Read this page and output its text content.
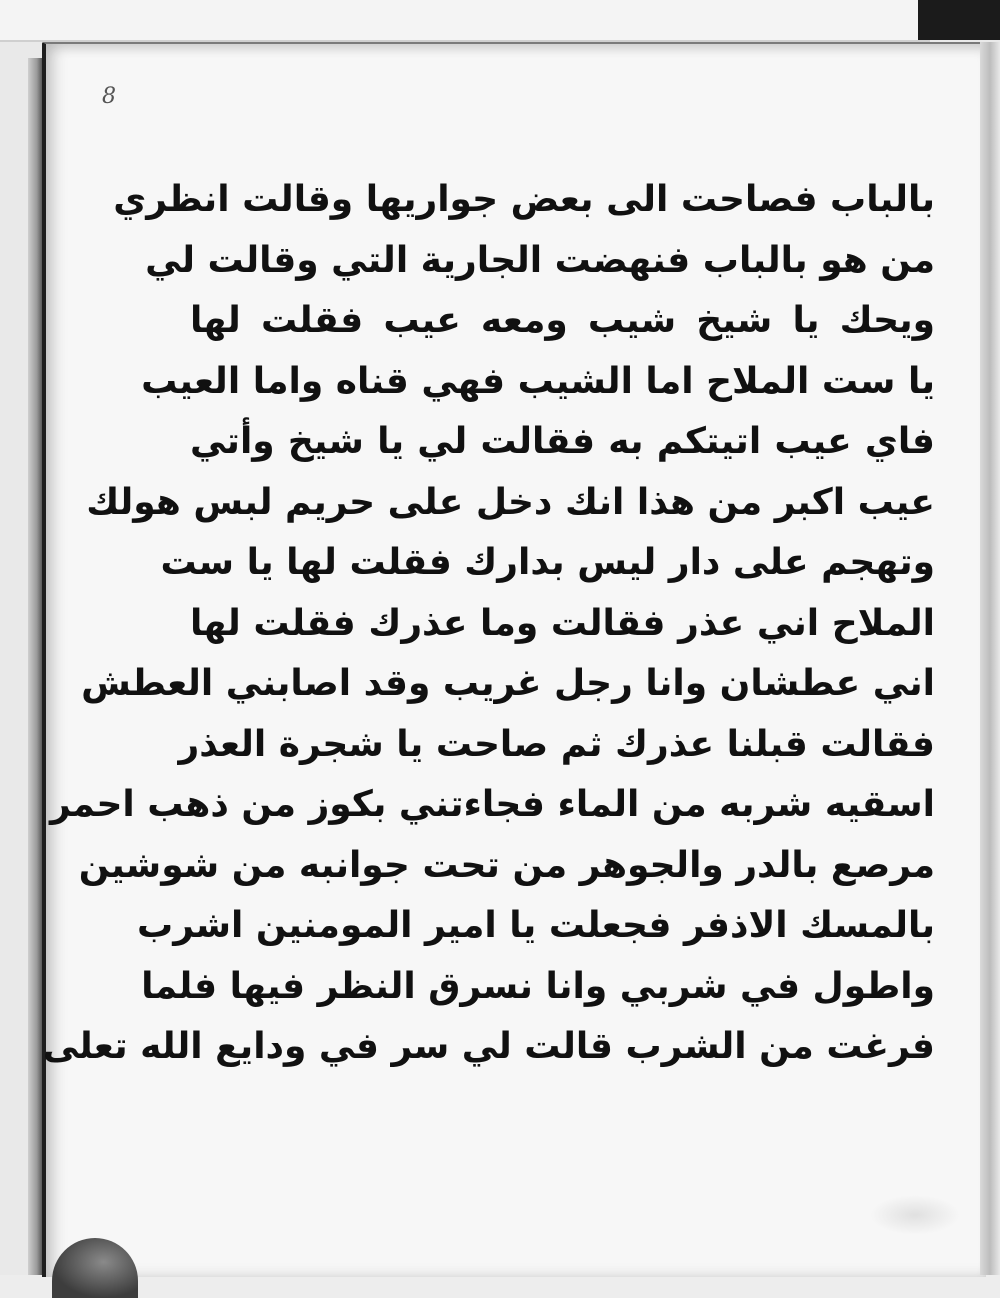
8
بالباب فصاحت الى بعض جواريها وقالت انظري
من هو بالباب فنهضت الجارية التي وقالت لي
ويحك يا شيخ شيب ومعه عيب فقلت لها
يا ست الملاح اما الشيب فهي قناه واما العيب
فاي عيب اتيتكم به فقالت لي يا شيخ وأتي
عيب اكبر من هذا انك دخل على حريم لبس هولك
وتهجم على دار ليس بدارك فقلت لها يا ست
الملاح اني عذر فقالت وما عذرك فقلت لها
اني عطشان وانا رجل غريب وقد اصابني العطش
فقالت قبلنا عذرك ثم صاحت يا شجرة العذر
اسقيه شربه من الماء فجاءتني بكوز من ذهب احمر
مرصع بالدر والجوهر من تحت جوانبه من شوشين
بالمسك الاذفر فجعلت يا امير المومنين اشرب
واطول في شربي وانا نسرق النظر فيها فلما
فرغت من الشرب قالت لي سر في ودايع الله تعلى
